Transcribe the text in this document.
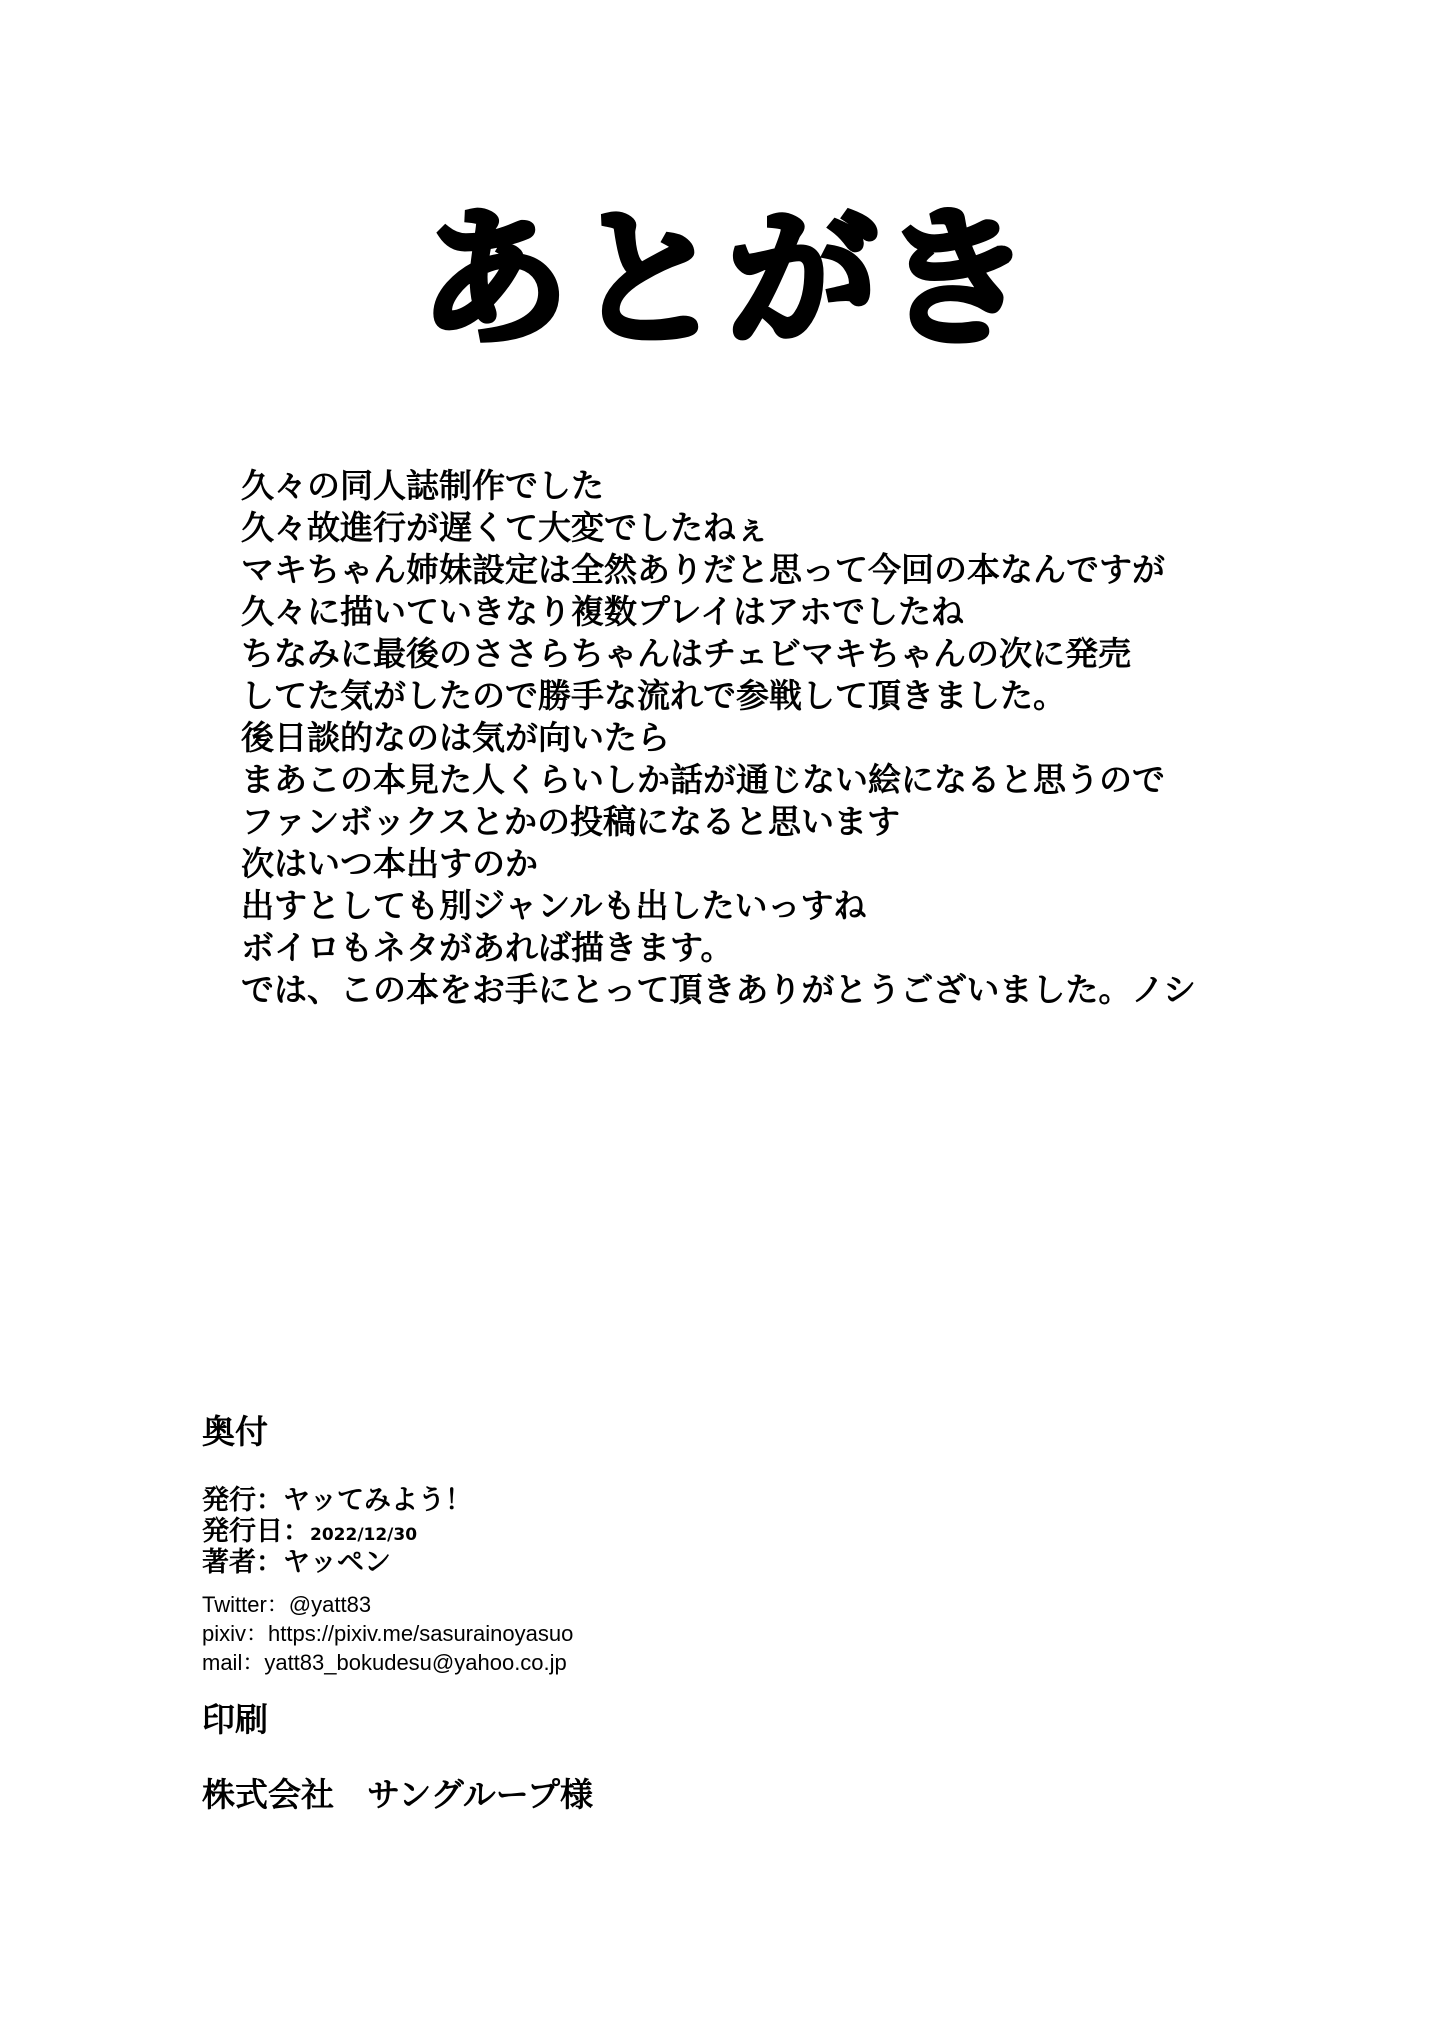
あとがき
久々の同人誌制作でした
久々故進行が遅くて大変でしたねぇ
マキちゃん姉妹設定は全然ありだと思って今回の本なんですが
久々に描いていきなり複数プレイはアホでしたね
ちなみに最後のささらちゃんはチェビマキちゃんの次に発売
してた気がしたので勝手な流れで参戦して頂きました。
後日談的なのは気が向いたら
まあこの本見た人くらいしか話が通じない絵になると思うので
ファンボックスとかの投稿になると思います
次はいつ本出すのか
出すとしても別ジャンルも出したいっすね
ボイロもネタがあれば描きます。
では、この本をお手にとって頂きありがとうございました。ノシ
奥付
発行：ヤッてみよう！
発行日：2022/12/30
著者：ヤッペン
Twitter：@yatt83
pixiv：https://pixiv.me/sasurainoyasuo
mail：yatt83_bokudesu@yahoo.co.jp
印刷
株式会社　サングループ様
